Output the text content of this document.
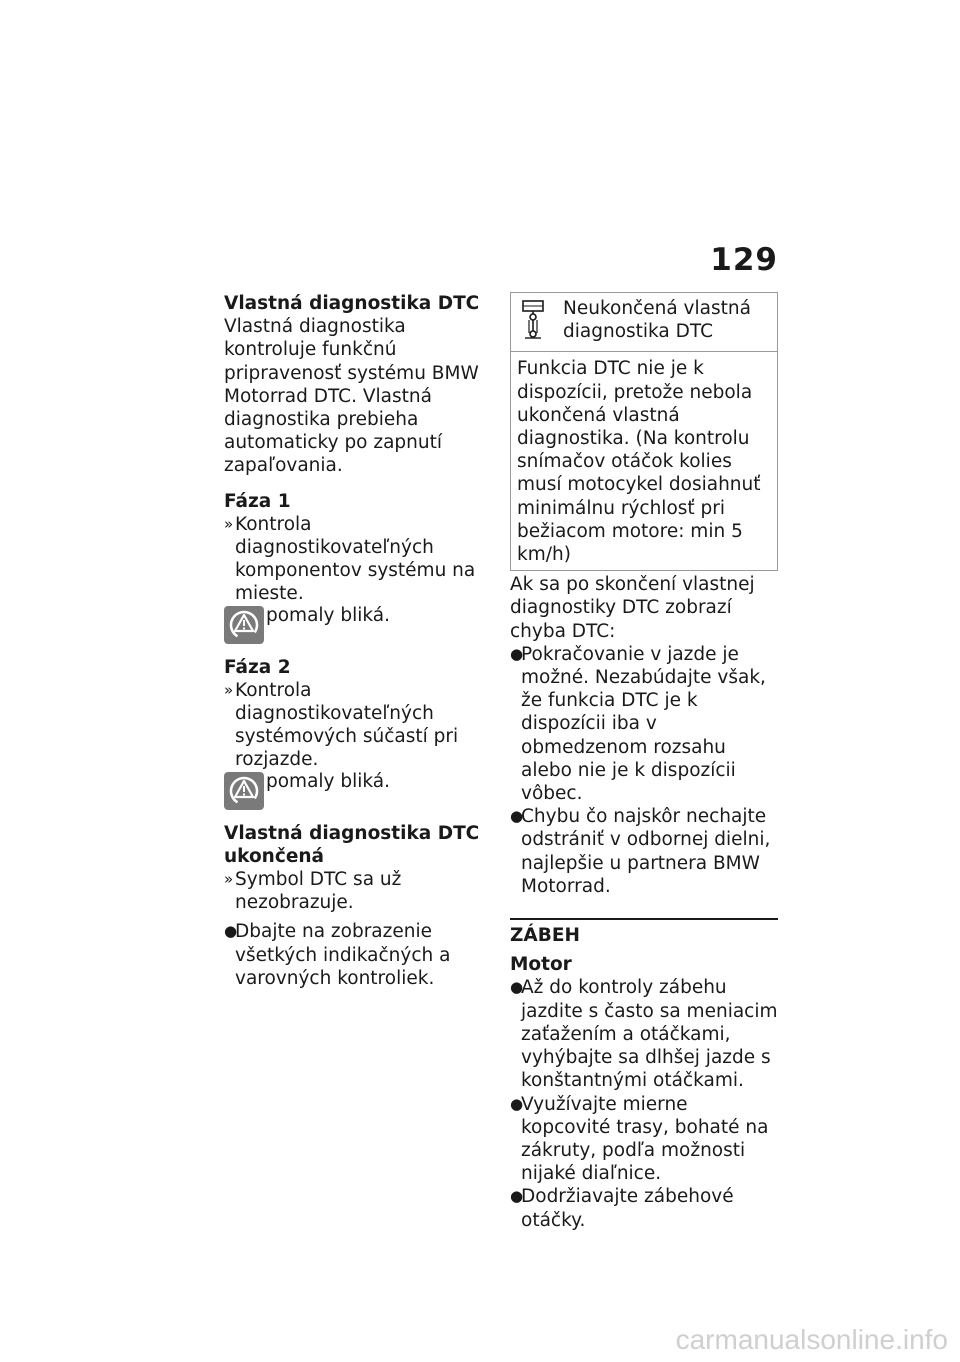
129
Vlastná diagnostika DTC

Vlastná diagnostika kontroluje funkčnú pripravenosť systému BMW Motorrad DTC. Vlastná diagnostika prebieha automaticky po zapnutí zapaľovania.

Fáza 1
» Kontrola diagnostikovateľných komponentov systému na mieste.
pomaly bliká.
Fáza 2
» Kontrola diagnostikovateľných systémových súčastí pri rozjazde.
pomaly bliká.
Vlastná diagnostika DTC ukončená
» Symbol DTC sa už nezobrazuje.
●
Dbajte na zobrazenie všetkých indikačných a varovných kontroliek.
Neukončená vlastná diagnostika DTC
Funkcia DTC nie je k dispozícii, pretože nebola ukončená vlastná diagnostika. (Na kontrolu snímačov otáčok kolies musí motocykel dosiahnuť minimálnu rýchlosť pri bežiacom motore: min 5 km/h)

Ak sa po skončení vlastnej diagnostiky DTC zobrazí chyba DTC:

●
Pokračovanie v jazde je možné. Nezabúdajte však, že funkcia DTC je k dispozícii iba v obmedzenom rozsahu alebo nie je k dispozícii vôbec.
●
Chybu čo najskôr nechajte odstrániť v odbornej dielni, najlepšie u partnera BMW Motorrad.
ZÁBEH
Motor
●
Až do kontroly zábehu jazdite s často sa meniacim zaťažením a otáčkami, vyhýbajte sa dlhšej jazde s konštantnými otáčkami.
●
Využívajte mierne kopcovité trasy, bohaté na zákruty, podľa možnosti nijaké diaľnice.
●
Dodržiavajte zábehové otáčky.
carmanualsonline.info
